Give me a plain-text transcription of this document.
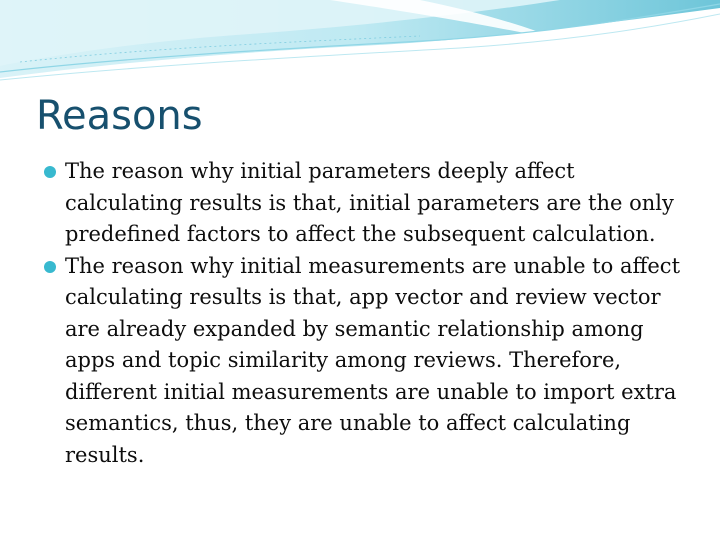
Reasons
The reason why initial parameters deeply affect calculating results is that, initial parameters are the only predefined factors to affect the subsequent calculation.
The reason why initial measurements are unable to affect calculating results is that, app vector and review vector are already expanded by semantic relationship among apps and topic similarity among reviews. Therefore, different initial measurements are unable to import extra semantics, thus, they are unable to affect calculating results.
